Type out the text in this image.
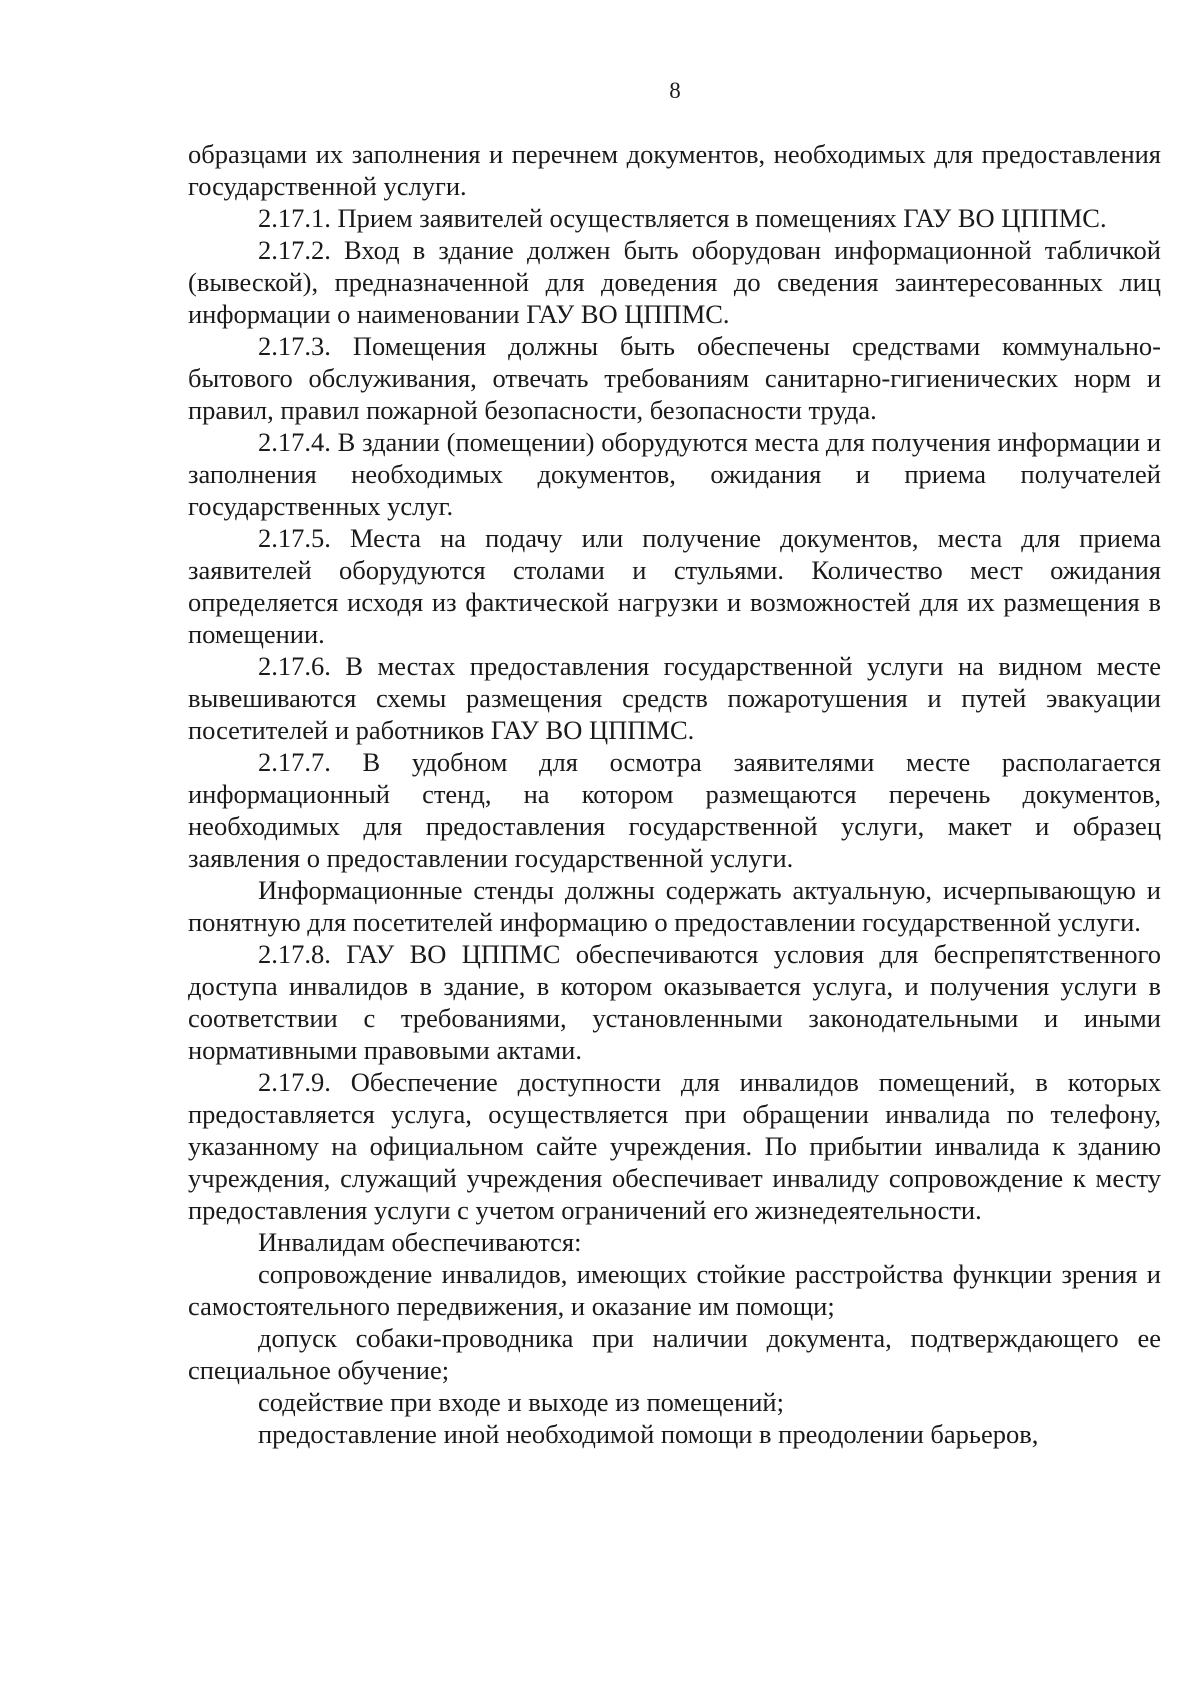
8

образцами их заполнения и перечнем документов, необходимых для предоставления государственной услуги.

2.17.1. Прием заявителей осуществляется в помещениях ГАУ ВО ЦППМС.

2.17.2. Вход в здание должен быть оборудован информационной табличкой (вывеской), предназначенной для доведения до сведения заинтересованных лиц информации о наименовании ГАУ ВО ЦППМС.

2.17.3. Помещения должны быть обеспечены средствами коммунально-бытового обслуживания, отвечать требованиям санитарно-гигиенических норм и правил, правил пожарной безопасности, безопасности труда.

2.17.4. В здании (помещении) оборудуются места для получения информации и заполнения необходимых документов, ожидания и приема получателей государственных услуг.

2.17.5. Места на подачу или получение документов, места для приема заявителей оборудуются столами и стульями. Количество мест ожидания определяется исходя из фактической нагрузки и возможностей для их размещения в помещении.

2.17.6. В местах предоставления государственной услуги на видном месте вывешиваются схемы размещения средств пожаротушения и путей эвакуации посетителей и работников ГАУ ВО ЦППМС.

2.17.7. В удобном для осмотра заявителями месте располагается информационный стенд, на котором размещаются перечень документов, необходимых для предоставления государственной услуги, макет и образец заявления о предоставлении государственной услуги.

Информационные стенды должны содержать актуальную, исчерпывающую и понятную для посетителей информацию о предоставлении государственной услуги.

2.17.8. ГАУ ВО ЦППМС обеспечиваются условия для беспрепятственного доступа инвалидов в здание, в котором оказывается услуга, и получения услуги в соответствии с требованиями, установленными законодательными и иными нормативными правовыми актами.

2.17.9. Обеспечение доступности для инвалидов помещений, в которых предоставляется услуга, осуществляется при обращении инвалида по телефону, указанному на официальном сайте учреждения. По прибытии инвалида к зданию учреждения, служащий учреждения обеспечивает инвалиду сопровождение к месту предоставления услуги с учетом ограничений его жизнедеятельности.

Инвалидам обеспечиваются:

сопровождение инвалидов, имеющих стойкие расстройства функции зрения и самостоятельного передвижения, и оказание им помощи;

допуск собаки-проводника при наличии документа, подтверждающего ее специальное обучение;

содействие при входе и выходе из помещений;

предоставление иной необходимой помощи в преодолении барьеров,
